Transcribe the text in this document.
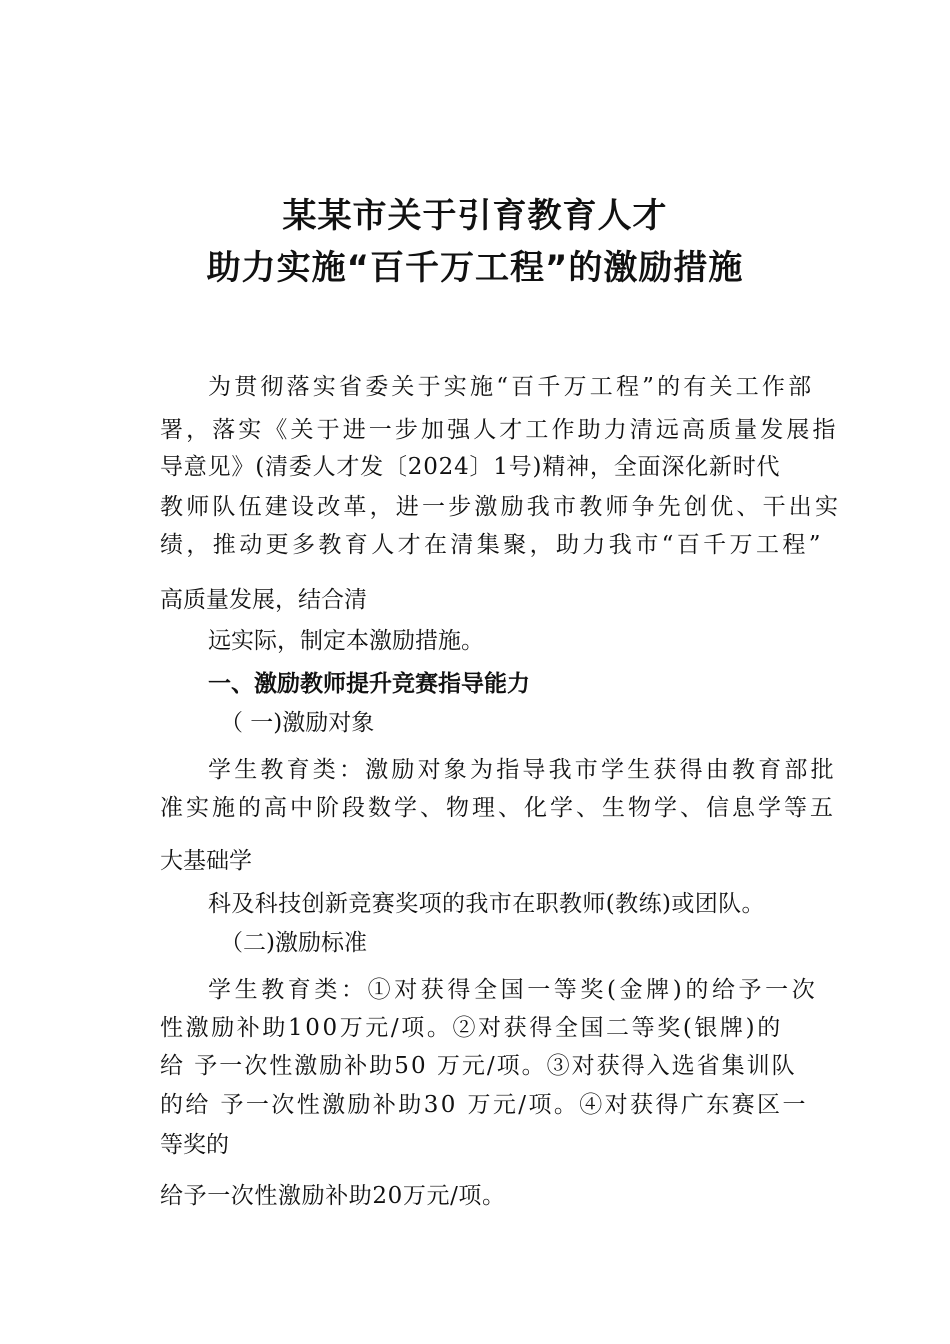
某某市关于引育教育人才
助力实施“百千万工程”的激励措施
为贯彻落实省委关于实施“百千万工程”的有关工作部
署，落实《关于进一步加强人才工作助力清远高质量发展指
导意见》(清委人才发〔2024〕1号)精神，全面深化新时代
教师队伍建设改革，进一步激励我市教师争先创优、干出实
绩，推动更多教育人才在清集聚，助力我市“百千万工程”
高质量发展，结合清
远实际，制定本激励措施。
一、激励教师提升竞赛指导能力
（ 一)激励对象
学生教育类：激励对象为指导我市学生获得由教育部批
准实施的高中阶段数学、物理、化学、生物学、信息学等五
大基础学
科及科技创新竞赛奖项的我市在职教师(教练)或团队。
（二)激励标准
学生教育类：①对获得全国一等奖(金牌)的给予一次
性激励补助100万元/项。②对获得全国二等奖(银牌)的
给 予一次性激励补助50 万元/项。③对获得入选省集训队
的给 予一次性激励补助30 万元/项。④对获得广东赛区一
等奖的
给予一次性激励补助20万元/项。
